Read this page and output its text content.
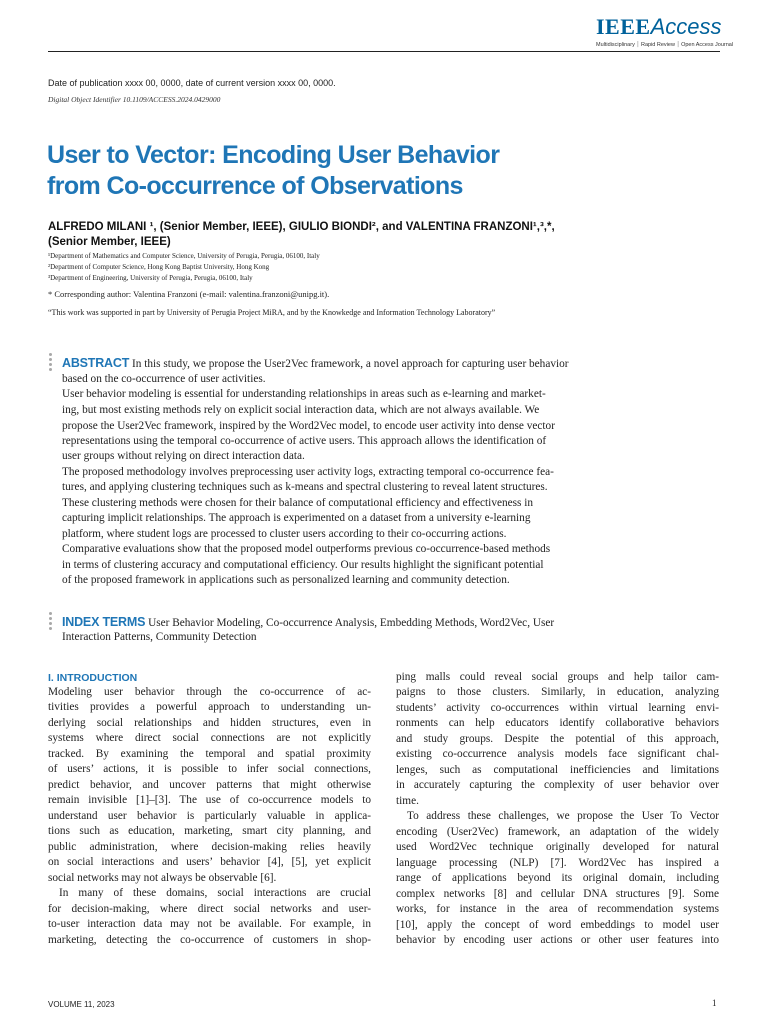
IEEEAccess
Multidisciplinary ⏐ Rapid Review ⏐ Open Access Journal
Date of publication xxxx 00, 0000, date of current version xxxx 00, 0000.
Digital Object Identifier 10.1109/ACCESS.2024.0429000
User to Vector: Encoding User Behavior
from Co-occurrence of Observations
ALFREDO MILANI ¹, (Senior Member, IEEE), GIULIO BIONDI², and VALENTINA FRANZONI¹,³,*,
(Senior Member, IEEE)
¹Department of Mathematics and Computer Science, University of Perugia, Perugia, 06100, Italy
²Department of Computer Science, Hong Kong Baptist University, Hong Kong
³Department of Engineering, University of Perugia, Perugia, 06100, Italy
* Corresponding author: Valentina Franzoni (e-mail: valentina.franzoni@unipg.it).
“This work was supported in part by University of Perugia Project MiRA, and by the Knowkedge and Information Technology Laboratory”
ABSTRACT In this study, we propose the User2Vec framework, a novel approach for capturing user behavior
based on the co-occurrence of user activities.
User behavior modeling is essential for understanding relationships in areas such as e-learning and market-
ing, but most existing methods rely on explicit social interaction data, which are not always available. We
propose the User2Vec framework, inspired by the Word2Vec model, to encode user activity into dense vector
representations using the temporal co-occurrence of active users. This approach allows the identification of
user groups without relying on direct interaction data.
The proposed methodology involves preprocessing user activity logs, extracting temporal co-occurrence fea-
tures, and applying clustering techniques such as k-means and spectral clustering to reveal latent structures.
These clustering methods were chosen for their balance of computational efficiency and effectiveness in
capturing implicit relationships. The approach is experimented on a dataset from a university e-learning
platform, where student logs are processed to cluster users according to their co-occurring actions.
Comparative evaluations show that the proposed model outperforms previous co-occurrence-based methods
in terms of clustering accuracy and computational efficiency. Our results highlight the significant potential
of the proposed framework in applications such as personalized learning and community detection.
INDEX TERMS User Behavior Modeling, Co-occurrence Analysis, Embedding Methods, Word2Vec, User
Interaction Patterns, Community Detection
I. INTRODUCTION
Modeling user behavior through the co-occurrence of ac-
tivities provides a powerful approach to understanding un-
derlying social relationships and hidden structures, even in
systems where direct social connections are not explicitly
tracked. By examining the temporal and spatial proximity
of users’ actions, it is possible to infer social connections,
predict behavior, and uncover patterns that might otherwise
remain invisible [1]–[3]. The use of co-occurrence models to
understand user behavior is particularly valuable in applica-
tions such as education, marketing, smart city planning, and
public administration, where decision-making relies heavily
on social interactions and users’ behavior [4], [5], yet explicit
social networks may not always be observable [6].
In many of these domains, social interactions are crucial
for decision-making, where direct social networks and user-
to-user interaction data may not be available. For example, in
marketing, detecting the co-occurrence of customers in shop-
ping malls could reveal social groups and help tailor cam-
paigns to those clusters. Similarly, in education, analyzing
students’ activity co-occurrences within virtual learning envi-
ronments can help educators identify collaborative behaviors
and study groups. Despite the potential of this approach,
existing co-occurrence analysis models face significant chal-
lenges, such as computational inefficiencies and limitations
in accurately capturing the complexity of user behavior over
time.
To address these challenges, we propose the User To Vector
encoding (User2Vec) framework, an adaptation of the widely
used Word2Vec technique originally developed for natural
language processing (NLP) [7]. Word2Vec has inspired a
range of applications beyond its original domain, including
complex networks [8] and cellular DNA structures [9]. Some
works, for instance in the area of recommendation systems
[10], apply the concept of word embeddings to model user
behavior by encoding user actions or other user features into
VOLUME 11, 2023	1
